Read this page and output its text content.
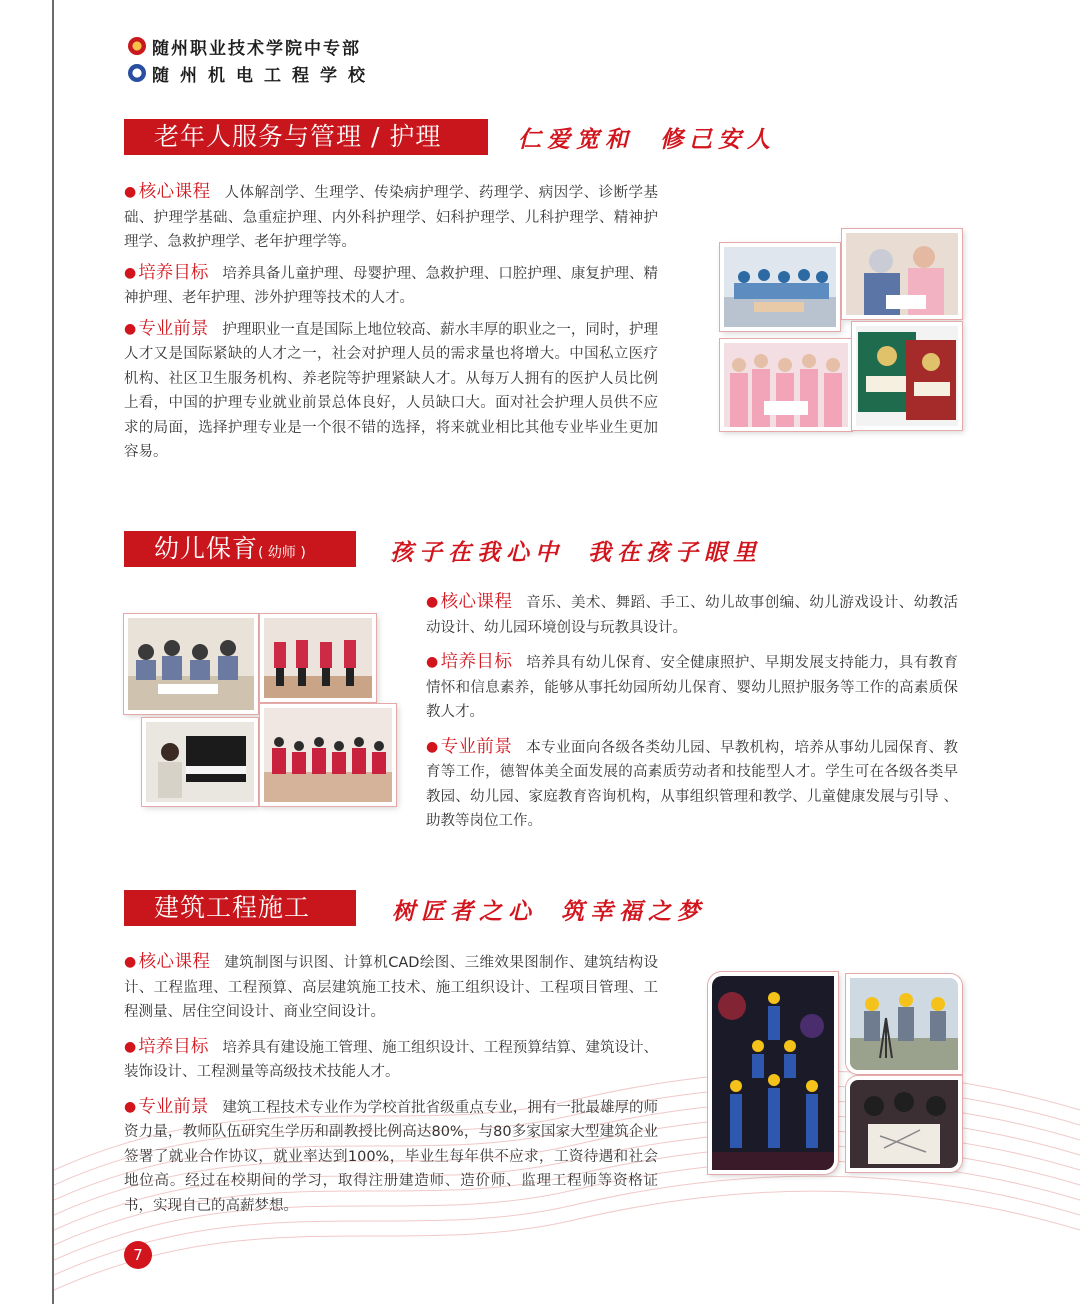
随州职业技术学院中专部
随州机电工程学校
老年人服务与管理 / 护理	仁爱宽和 修己安人

● 核心课程 人体解剖学、生理学、传染病护理学、药理学、病因学、诊断学基础、护理学基础、急重症护理、内外科护理学、妇科护理学、儿科护理学、精神护理学、急救护理学、老年护理学等。

● 培养目标 培养具备儿童护理、母婴护理、急救护理、口腔护理、康复护理、精神护理、老年护理、涉外护理等技术的人才。

● 专业前景 护理职业一直是国际上地位较高、薪水丰厚的职业之一，同时，护理人才又是国际紧缺的人才之一，社会对护理人员的需求量也将增大。中国私立医疗机构、社区卫生服务机构、养老院等护理紧缺人才。从每万人拥有的医护人员比例上看，中国的护理专业就业前景总体良好，人员缺口大。面对社会护理人员供不应求的局面，选择护理专业是一个很不错的选择，将来就业相比其他专业毕业生更加容易。

幼儿保育( 幼师 )	孩子在我心中 我在孩子眼里

● 核心课程 音乐、美术、舞蹈、手工、幼儿故事创编、幼儿游戏设计、幼教活动设计、幼儿园环境创设与玩教具设计。

● 培养目标 培养具有幼儿保育、安全健康照护、早期发展支持能力，具有教育情怀和信息素养，能够从事托幼园所幼儿保育、婴幼儿照护服务等工作的高素质保教人才。

● 专业前景 本专业面向各级各类幼儿园、早教机构，培养从事幼儿园保育、教育等工作，德智体美全面发展的高素质劳动者和技能型人才。学生可在各级各类早教园、幼儿园、家庭教育咨询机构，从事组织管理和教学、儿童健康发展与引导 、助教等岗位工作。

建筑工程施工	树匠者之心 筑幸福之梦

● 核心课程 建筑制图与识图、计算机CAD绘图、三维效果图制作、建筑结构设计、工程监理、工程预算、高层建筑施工技术、施工组织设计、工程项目管理、工程测量、居住空间设计、商业空间设计。

● 培养目标 培养具有建设施工管理、施工组织设计、工程预算结算、建筑设计、装饰设计、工程测量等高级技术技能人才。

● 专业前景 建筑工程技术专业作为学校首批省级重点专业，拥有一批最雄厚的师资力量，教师队伍研究生学历和副教授比例高达80%，与80多家国家大型建筑企业签署了就业合作协议，就业率达到100%，毕业生每年供不应求，工资待遇和社会地位高。经过在校期间的学习，取得注册建造师、造价师、监理工程师等资格证书，实现自己的高薪梦想。

7
